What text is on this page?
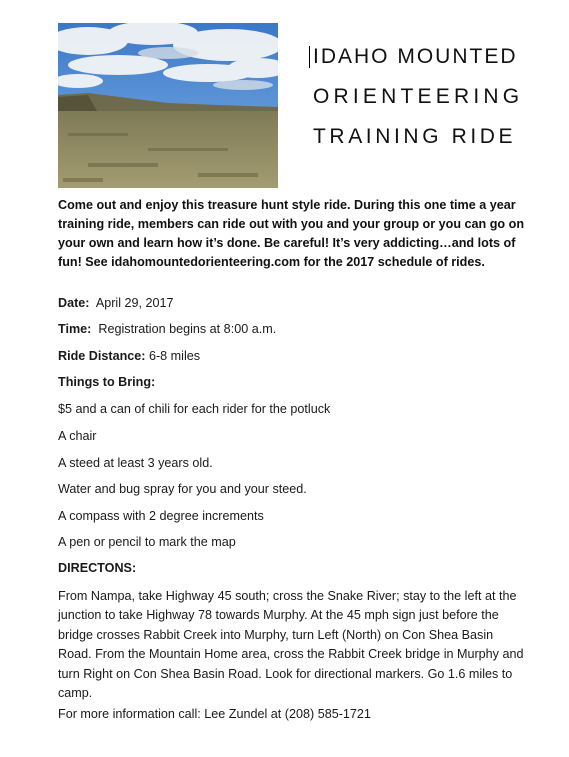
IDAHO MOUNTED
ORIENTEERING
TRAINING RIDE
Come out and enjoy this treasure hunt style ride. During this one time a year training ride, members can ride out with you and your group or you can go on your own and learn how it’s done. Be careful! It’s very addicting…and lots of fun! See idahomountedorienteering.com for the 2017 schedule of rides.
Date: April 29, 2017
Time: Registration begins at 8:00 a.m.
Ride Distance: 6-8 miles
Things to Bring:
$5 and a can of chili for each rider for the potluck
A chair
A steed at least 3 years old.
Water and bug spray for you and your steed.
A compass with 2 degree increments
A pen or pencil to mark the map
DIRECTONS:
From Nampa, take Highway 45 south; cross the Snake River; stay to the left at the junction to take Highway 78 towards Murphy. At the 45 mph sign just before the bridge crosses Rabbit Creek into Murphy, turn Left (North) on Con Shea Basin Road. From the Mountain Home area, cross the Rabbit Creek bridge in Murphy and turn Right on Con Shea Basin Road. Look for directional markers. Go 1.6 miles to camp.
For more information call: Lee Zundel at (208) 585-1721
